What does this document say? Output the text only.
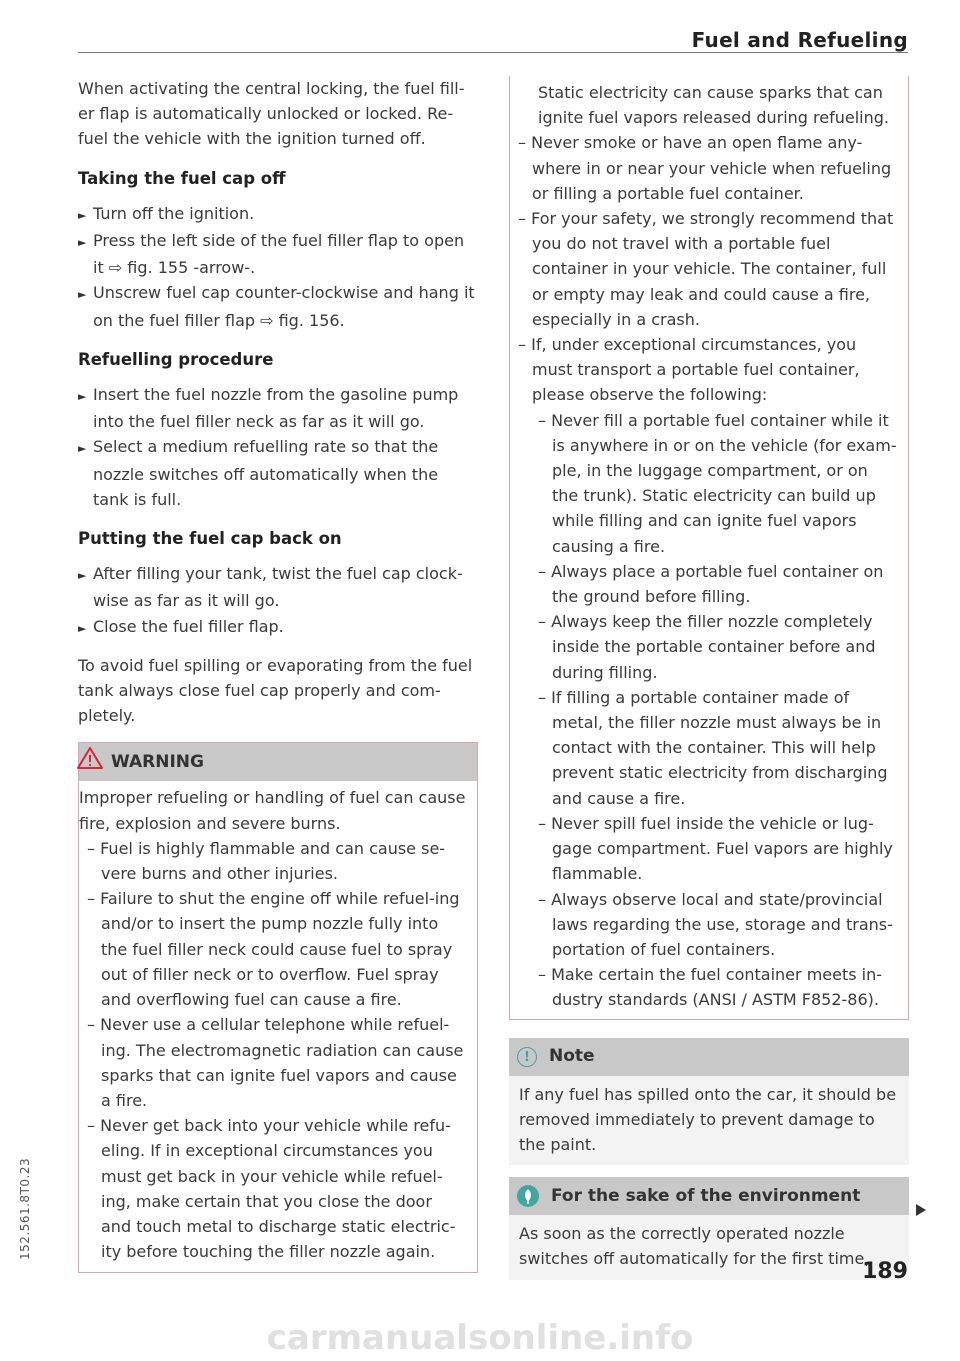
Fuel and Refueling

When activating the central locking, the fuel fill-er flap is automatically unlocked or locked. Re-fuel the vehicle with the ignition turned off.

Taking the fuel cap off

► Turn off the ignition.

► Press the left side of the fuel filler flap to open it ⇨ fig. 155 -arrow-.

► Unscrew fuel cap counter-clockwise and hang it on the fuel filler flap ⇨ fig. 156.

Refuelling procedure

► Insert the fuel nozzle from the gasoline pump into the fuel filler neck as far as it will go.

► Select a medium refuelling rate so that the nozzle switches off automatically when the tank is full.

Putting the fuel cap back on

► After filling your tank, twist the fuel cap clock-wise as far as it will go.

► Close the fuel filler flap.

To avoid fuel spilling or evaporating from the fuel tank always close fuel cap properly and com-pletely.

WARNING

Improper refueling or handling of fuel can cause fire, explosion and severe burns.

– Fuel is highly flammable and can cause se-vere burns and other injuries.

– Failure to shut the engine off while refuel-ing and/or to insert the pump nozzle fully into the fuel filler neck could cause fuel to spray out of filler neck or to overflow. Fuel spray and overflowing fuel can cause a fire.

– Never use a cellular telephone while refuel-ing. The electromagnetic radiation can cause sparks that can ignite fuel vapors and cause a fire.

– Never get back into your vehicle while refu-eling. If in exceptional circumstances you must get back in your vehicle while refuel-ing, make certain that you close the door and touch metal to discharge static electric-ity before touching the filler nozzle again.

Static electricity can cause sparks that can ignite fuel vapors released during refueling.

– Never smoke or have an open flame any-where in or near your vehicle when refueling or filling a portable fuel container.

– For your safety, we strongly recommend that you do not travel with a portable fuel container in your vehicle. The container, full or empty may leak and could cause a fire, especially in a crash.

– If, under exceptional circumstances, you must transport a portable fuel container, please observe the following:

– Never fill a portable fuel container while it is anywhere in or on the vehicle (for exam-ple, in the luggage compartment, or on the trunk). Static electricity can build up while filling and can ignite fuel vapors causing a fire.

– Always place a portable fuel container on the ground before filling.

– Always keep the filler nozzle completely inside the portable container before and during filling.

– If filling a portable container made of metal, the filler nozzle must always be in contact with the container. This will help prevent static electricity from discharging and cause a fire.

– Never spill fuel inside the vehicle or lug-gage compartment. Fuel vapors are highly flammable.

– Always observe local and state/provincial laws regarding the use, storage and trans-portation of fuel containers.

– Make certain the fuel container meets in-dustry standards (ANSI / ASTM F852-86).

!	Note

If any fuel has spilled onto the car, it should be removed immediately to prevent damage to the paint.

For the sake of the environment

As soon as the correctly operated nozzle switches off automatically for the first time,

189
152.561.8T0.23
carmanualsonline.info
